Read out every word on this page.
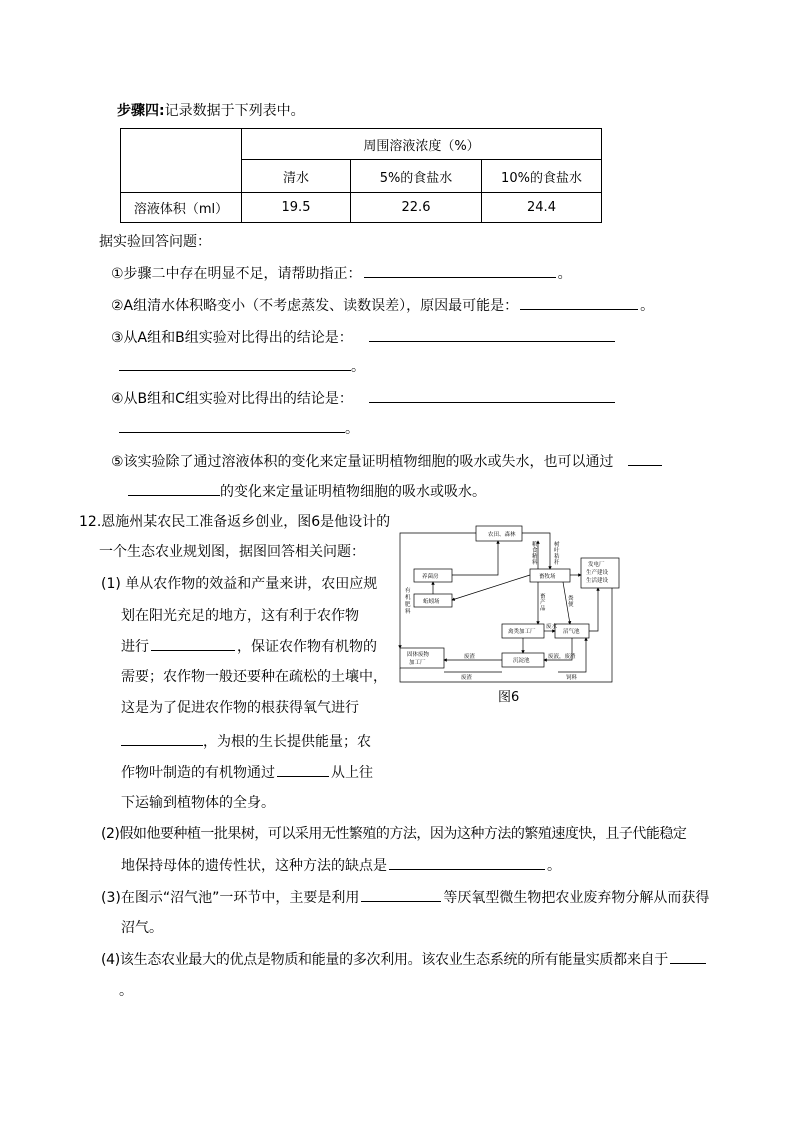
步骤四:记录数据于下列表中。
	周围溶液浓度（%）		
	清水	5%的食盐水	10%的食盐水
溶液体积（ml）	19.5	22.6	24.4
据实验回答问题：
①步骤二中存在明显不足，请帮助指正：	。
②A组清水体积略变小（不考虑蒸发、读数误差），原因最可能是：	。
③从A组和B组实验对比得出的结论是：
。
④从B组和C组实验对比得出的结论是：
。
⑤该实验除了通过溶液体积的变化来定量证明植物细胞的吸水或失水，也可以通过
的变化来定量证明植物细胞的吸水或吸水。
12.恩施州某农民工准备返乡创业，图6是他设计的
一个生态农业规划图，据图回答相关问题：
(1) 单从农作物的效益和产量来讲，农田应规
划在阳光充足的地方，这有利于农作物
进行	，保证农作物有机物的
需要；农作物一般还要种在疏松的土壤中，
这是为了促进农作物的根获得氧气进行
，为根的生长提供能量；农
作物叶制造的有机物通过	从上往
下运输到植物体的全身。
(2)假如他要种植一批果树，可以采用无性繁殖的方法，因为这种方法的繁殖速度快，且子代能稳定
地保持母体的遗传性状，这种方法的缺点是	。
(3)在图示“沼气池”一环节中，主要是利用	等厌氧型微生物把农业废弃物分解从而获得
沼气。
(4)该生态农业最大的优点是物质和能量的多次利用。该农业生态系统的所有能量实质都来自于
。
农田、森林
养菌房
蚯蚓场
畜牧场
发电厂
生产建设
生活建设
禽类加工厂	沼气池
固体废物
加工厂	沉淀池
有
机
肥
料
粮
食
精
料
树
叶
秸
秆
畜
产
品
粪
便
废水
废渣	废液，废渣
废渣	饲料
图6
